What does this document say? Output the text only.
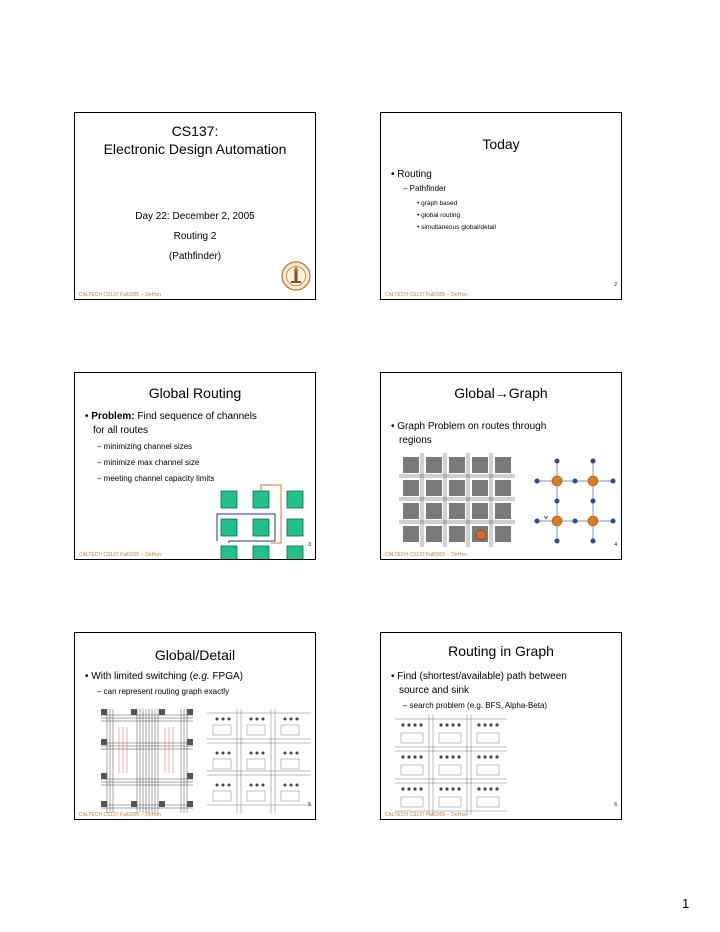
CS137:
Electronic Design Automation
Day 22: December 2, 2005
Routing 2
(Pathfinder)
CALTECH CS137 Fall2005 -- DeHon
Today
• Routing
– Pathfinder
• graph based
• global routing
• simultaneous global/detail
2
CALTECH CS137 Fall2005 -- DeHon
Global Routing
• Problem: Find sequence of channels
for all routes
– minimizing channel sizes
– minimize max channel size
– meeting channel capacity limits
3
CALTECH CS137 Fall2005 -- DeHon
Global→Graph
• Graph Problem on routes through
regions
w
4
CALTECH CS137 Fall2005 -- DeHon
Global/Detail
• With limited switching (e.g. FPGA)
– can represent routing graph exactly
5
CALTECH CS137 Fall2005 -- DeHon
Routing in Graph
• Find (shortest/available) path between
source and sink
– search problem (e.g. BFS, Alpha-Beta)
6
CALTECH CS137 Fall2005 -- DeHon
1
